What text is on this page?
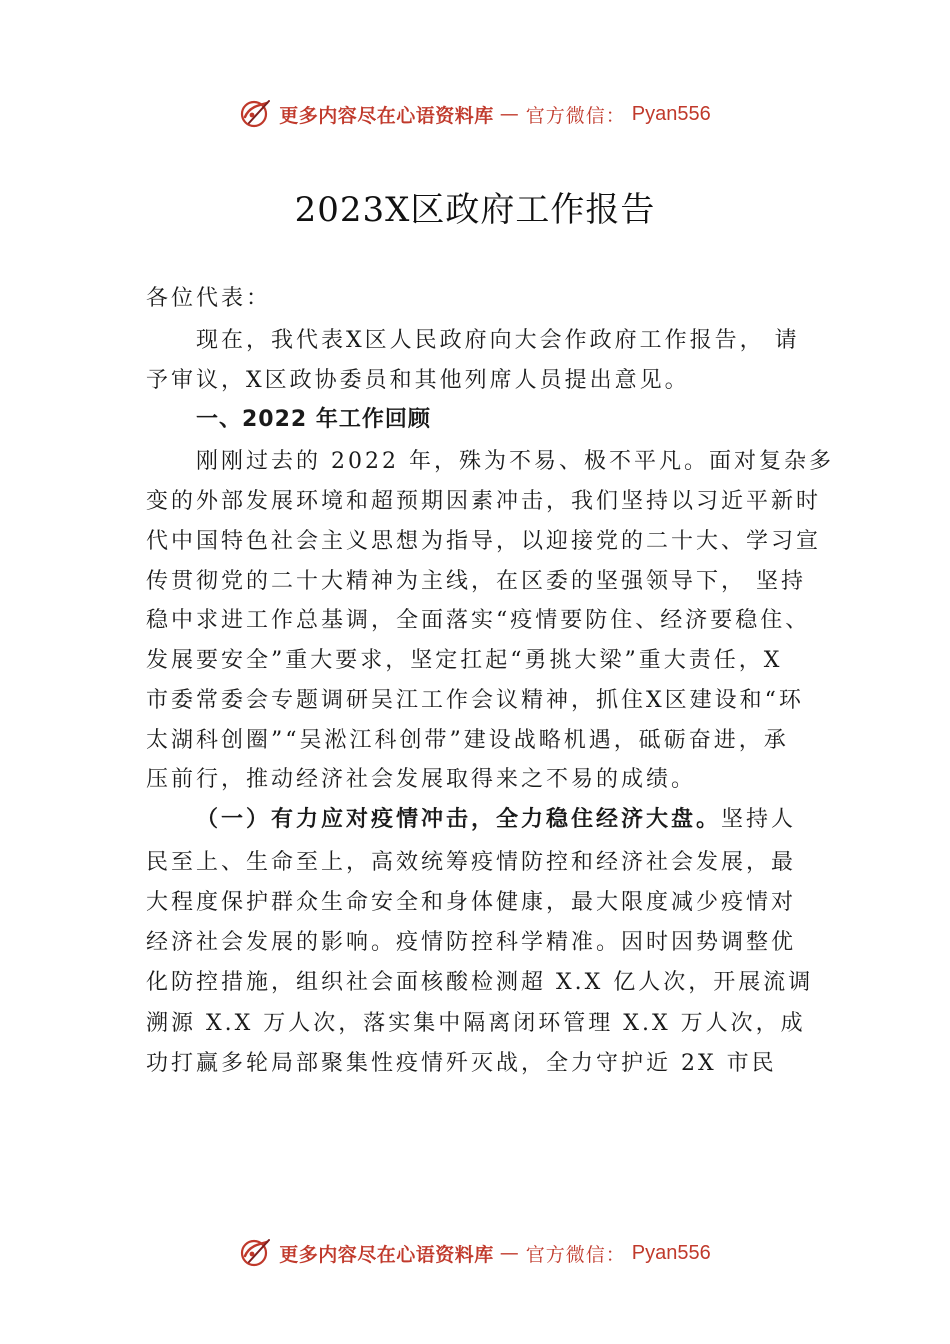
更多内容尽在心语资料库 — 官方微信： Pyan556
2023X区政府工作报告
各位代表：
现在，我代表X区人民政府向大会作政府工作报告， 请
予审议，X区政协委员和其他列席人员提出意见。
一、2022 年工作回顾
刚刚过去的 2022 年，殊为不易、极不平凡。面对复杂多
变的外部发展环境和超预期因素冲击，我们坚持以习近平新时
代中国特色社会主义思想为指导，以迎接党的二十大、学习宣
传贯彻党的二十大精神为主线，在区委的坚强领导下， 坚持
稳中求进工作总基调，全面落实“疫情要防住、经济要稳住、
发展要安全”重大要求，坚定扛起“勇挑大梁”重大责任，X
市委常委会专题调研吴江工作会议精神，抓住X区建设和“环
太湖科创圈”“吴淞江科创带”建设战略机遇，砥砺奋进，承
压前行，推动经济社会发展取得来之不易的成绩。
（一）有力应对疫情冲击，全力稳住经济大盘。坚持人
民至上、生命至上，高效统筹疫情防控和经济社会发展，最
大程度保护群众生命安全和身体健康，最大限度减少疫情对
经济社会发展的影响。疫情防控科学精准。因时因势调整优
化防控措施，组织社会面核酸检测超 X.X 亿人次，开展流调
溯源 X.X 万人次，落实集中隔离闭环管理 X.X 万人次，成
功打赢多轮局部聚集性疫情歼灭战，全力守护近 2X 市民
更多内容尽在心语资料库 — 官方微信： Pyan556
